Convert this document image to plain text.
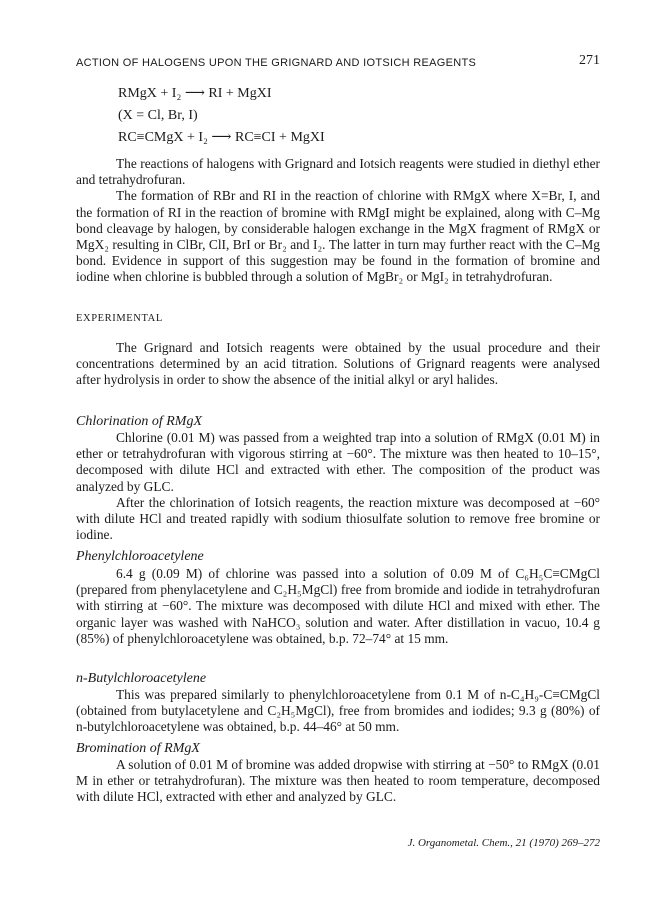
ACTION OF HALOGENS UPON THE GRIGNARD AND IOTSICH REAGENTS	271
RMgX + I₂ ⟶ RI + MgXI
(X = Cl, Br, I)
RC≡CMgX + I₂ ⟶ RC≡CI + MgXI

The reactions of halogens with Grignard and Iotsich reagents were studied in diethyl ether and tetrahydrofuran.

The formation of RBr and RI in the reaction of chlorine with RMgX where X=Br, I, and the formation of RI in the reaction of bromine with RMgI might be explained, along with C–Mg bond cleavage by halogen, by considerable halogen exchange in the MgX fragment of RMgX or MgX₂ resulting in ClBr, ClI, BrI or Br₂ and I₂. The latter in turn may further react with the C–Mg bond. Evidence in support of this suggestion may be found in the formation of bromine and iodine when chlorine is bubbled through a solution of MgBr₂ or MgI₂ in tetrahydrofuran.

EXPERIMENTAL

The Grignard and Iotsich reagents were obtained by the usual procedure and their concentrations determined by an acid titration. Solutions of Grignard reagents were analysed after hydrolysis in order to show the absence of the initial alkyl or aryl halides.

Chlorination of RMgX

Chlorine (0.01 M) was passed from a weighted trap into a solution of RMgX (0.01 M) in ether or tetrahydrofuran with vigorous stirring at −60°. The mixture was then heated to 10–15°, decomposed with dilute HCl and extracted with ether. The composition of the product was analyzed by GLC.

After the chlorination of Iotsich reagents, the reaction mixture was decomposed at −60° with dilute HCl and treated rapidly with sodium thiosulfate solution to remove free bromine or iodine.

Phenylchloroacetylene

6.4 g (0.09 M) of chlorine was passed into a solution of 0.09 M of C₆H₅C≡CMgCl (prepared from phenylacetylene and C₂H₅MgCl) free from bromide and iodide in tetrahydrofuran with stirring at −60°. The mixture was decomposed with dilute HCl and mixed with ether. The organic layer was washed with NaHCO₃ solution and water. After distillation in vacuo, 10.4 g (85%) of phenylchloroacetylene was obtained, b.p. 72–74° at 15 mm.

n-Butylchloroacetylene

This was prepared similarly to phenylchloroacetylene from 0.1 M of n-C₄H₉-C≡CMgCl (obtained from butylacetylene and C₂H₅MgCl), free from bromides and iodides; 9.3 g (80%) of n-butylchloroacetylene was obtained, b.p. 44–46° at 50 mm.

Bromination of RMgX

A solution of 0.01 M of bromine was added dropwise with stirring at −50° to RMgX (0.01 M in ether or tetrahydrofuran). The mixture was then heated to room temperature, decomposed with dilute HCl, extracted with ether and analyzed by GLC.

J. Organometal. Chem., 21 (1970) 269–272
